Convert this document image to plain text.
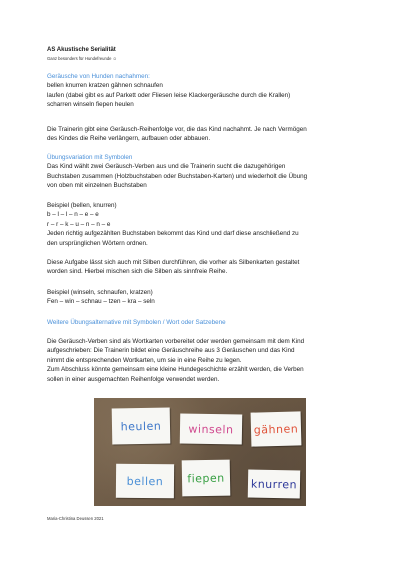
AS Akustische Serialität
Ganz besonders für Hundefreunde ☺
Geräusche von Hunden nachahmen:
bellen knurren kratzen gähnen schnaufen
laufen (dabei gibt es auf Parkett oder Fliesen leise Klackergeräusche durch die Krallen)
scharren winseln fiepen heulen
Die Trainerin gibt eine Geräusch-Reihenfolge vor, die das Kind nachahmt. Je nach Vermögen
des Kindes die Reihe verlängern, aufbauen oder abbauen.
Übungsvariation mit Symbolen
Das Kind wählt zwei Geräusch-Verben aus und die Trainerin sucht die dazugehörigen
Buchstaben zusammen (Holzbuchstaben oder Buchstaben-Karten) und wiederholt die Übung
von oben mit einzelnen Buchstaben
Beispiel (bellen, knurren)
b – l – l – n – e – e
r – r – k – u – n – n – e
Jeden richtig aufgezählten Buchstaben bekommt das Kind und darf diese anschließend zu
den ursprünglichen Wörtern ordnen.
Diese Aufgabe lässt sich auch mit Silben durchführen, die vorher als Silbenkarten gestaltet
worden sind. Hierbei mischen sich die Silben als sinnfreie Reihe.
Beispiel (winseln, schnaufen, kratzen)
Fen – win – schnau – tzen – kra – seln
Weitere Übungsalternative mit Symbolen / Wort oder Satzebene
Die Geräusch-Verben sind als Wortkarten vorbereitet oder werden gemeinsam mit dem Kind
aufgeschrieben: Die Trainerin bildet eine Geräuschreihe aus 3 Geräuschen und das Kind
nimmt die entsprechenden Wortkarten, um sie in eine Reihe zu legen.
Zum Abschluss könnte gemeinsam eine kleine Hundegeschichte erzählt werden, die Verben
sollen in einer ausgemachten Reihenfolge verwendet werden.
heulen winseln gähnen
bellen fiepen knurren
Maria-Christina Deussen 2021
